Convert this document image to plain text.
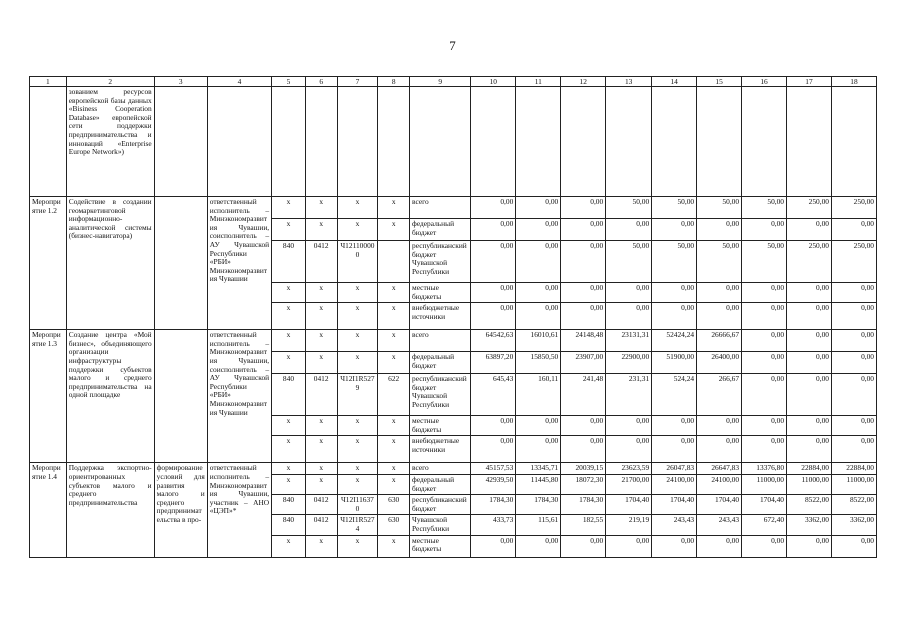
7
1	2	3	4	5	6	7	8	9	10	11	12	13	14	15	16	17	18
	зованием ресурсов европейской базы данных «Bisiness Cooperation Database» европейской сети поддержки предпринимательства и инноваций «Enterprise Europe Network»)																
Мероприятие 1.2	Содействие в создании геомаркетинговой информационно-аналитической системы (бизнес-навигатора)		ответственный исполнитель – Минэкономразвития Чувашии, соисполнитель – АУ Чувашской Республики «РБИ» Минэкономразвития Чувашии	x	x	x	x	всего	0,00	0,00	0,00	50,00	50,00	50,00	50,00	250,00	250,00
				x	x	x	x	федеральный бюджет	0,00	0,00	0,00	0,00	0,00	0,00	0,00	0,00	0,00
				840	0412	Ч121100000		республиканский бюджет Чувашской Республики	0,00	0,00	0,00	50,00	50,00	50,00	50,00	250,00	250,00
				x	x	x	x	местные бюджеты	0,00	0,00	0,00	0,00	0,00	0,00	0,00	0,00	0,00
				x	x	x	x	внебюджетные источники	0,00	0,00	0,00	0,00	0,00	0,00	0,00	0,00	0,00
Мероприятие 1.3	Создание центра «Мой бизнес», объединяющего организации инфраструктуры поддержки субъектов малого и среднего предпринимательства на одной площадке		ответственный исполнитель – Минэкономразвития Чувашии, соисполнитель – АУ Чувашской Республики «РБИ» Минэкономразвития Чувашии	x	x	x	x	всего	64542,63	16010,61	24148,48	23131,31	52424,24	26666,67	0,00	0,00	0,00
				x	x	x	x	федеральный бюджет	63897,20	15850,50	23907,00	22900,00	51900,00	26400,00	0,00	0,00	0,00
				840	0412	Ч12I1R5279	622	республиканский бюджет Чувашской Республики	645,43	160,11	241,48	231,31	524,24	266,67	0,00	0,00	0,00
				x	x	x	x	местные бюджеты	0,00	0,00	0,00	0,00	0,00	0,00	0,00	0,00	0,00
				x	x	x	x	внебюджетные источники	0,00	0,00	0,00	0,00	0,00	0,00	0,00	0,00	0,00
Мероприятие 1.4	Поддержка экспортно-ориентированных субъектов малого и среднего предпринимательства	формирование условий для развития малого и среднего предпринимательства в про-	ответственный исполнитель – Минэкономразвития Чувашии, участник – АНО «ЦЭП»*	x	x	x	x	всего	45157,53	13345,71	20039,15	23623,59	26047,83	26647,83	13376,80	22884,00	22884,00
				x	x	x	x	федеральный бюджет	42939,50	11445,80	18072,30	21700,00	24100,00	24100,00	11000,00	11000,00	11000,00
				840	0412	Ч12I116370	630	республиканский бюджет	1784,30	1784,30	1784,30	1704,40	1704,40	1704,40	1704,40	8522,00	8522,00
				840	0412	Ч12I1R5274	630	Чувашской Республики	433,73	115,61	182,55	219,19	243,43	243,43	672,40	3362,00	3362,00
				x	x	x	x	местные бюджеты	0,00	0,00	0,00	0,00	0,00	0,00	0,00	0,00	0,00
